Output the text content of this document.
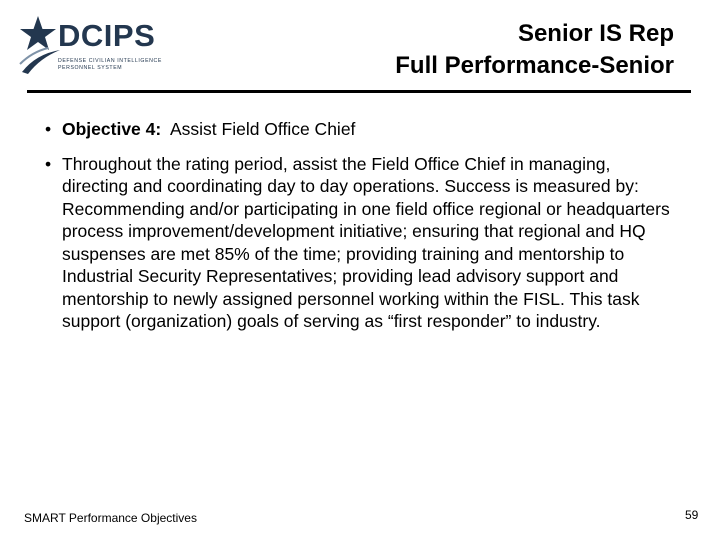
DCIPS
DEFENSE CIVILIAN INTELLIGENCE
PERSONNEL SYSTEM
Senior IS Rep
Full Performance-Senior
• Objective 4:  Assist Field Office Chief
• Throughout the rating period, assist the Field Office Chief in managing, directing and coordinating day to day operations. Success is measured by: Recommending and/or participating in one field office regional or headquarters process improvement/development initiative; ensuring that regional and HQ suspenses are met 85% of the time; providing training and mentorship to Industrial Security Representatives; providing lead advisory support and mentorship to newly assigned personnel working within the FISL. This task support (organization) goals of serving as “first responder” to industry.
SMART Performance Objectives	59
